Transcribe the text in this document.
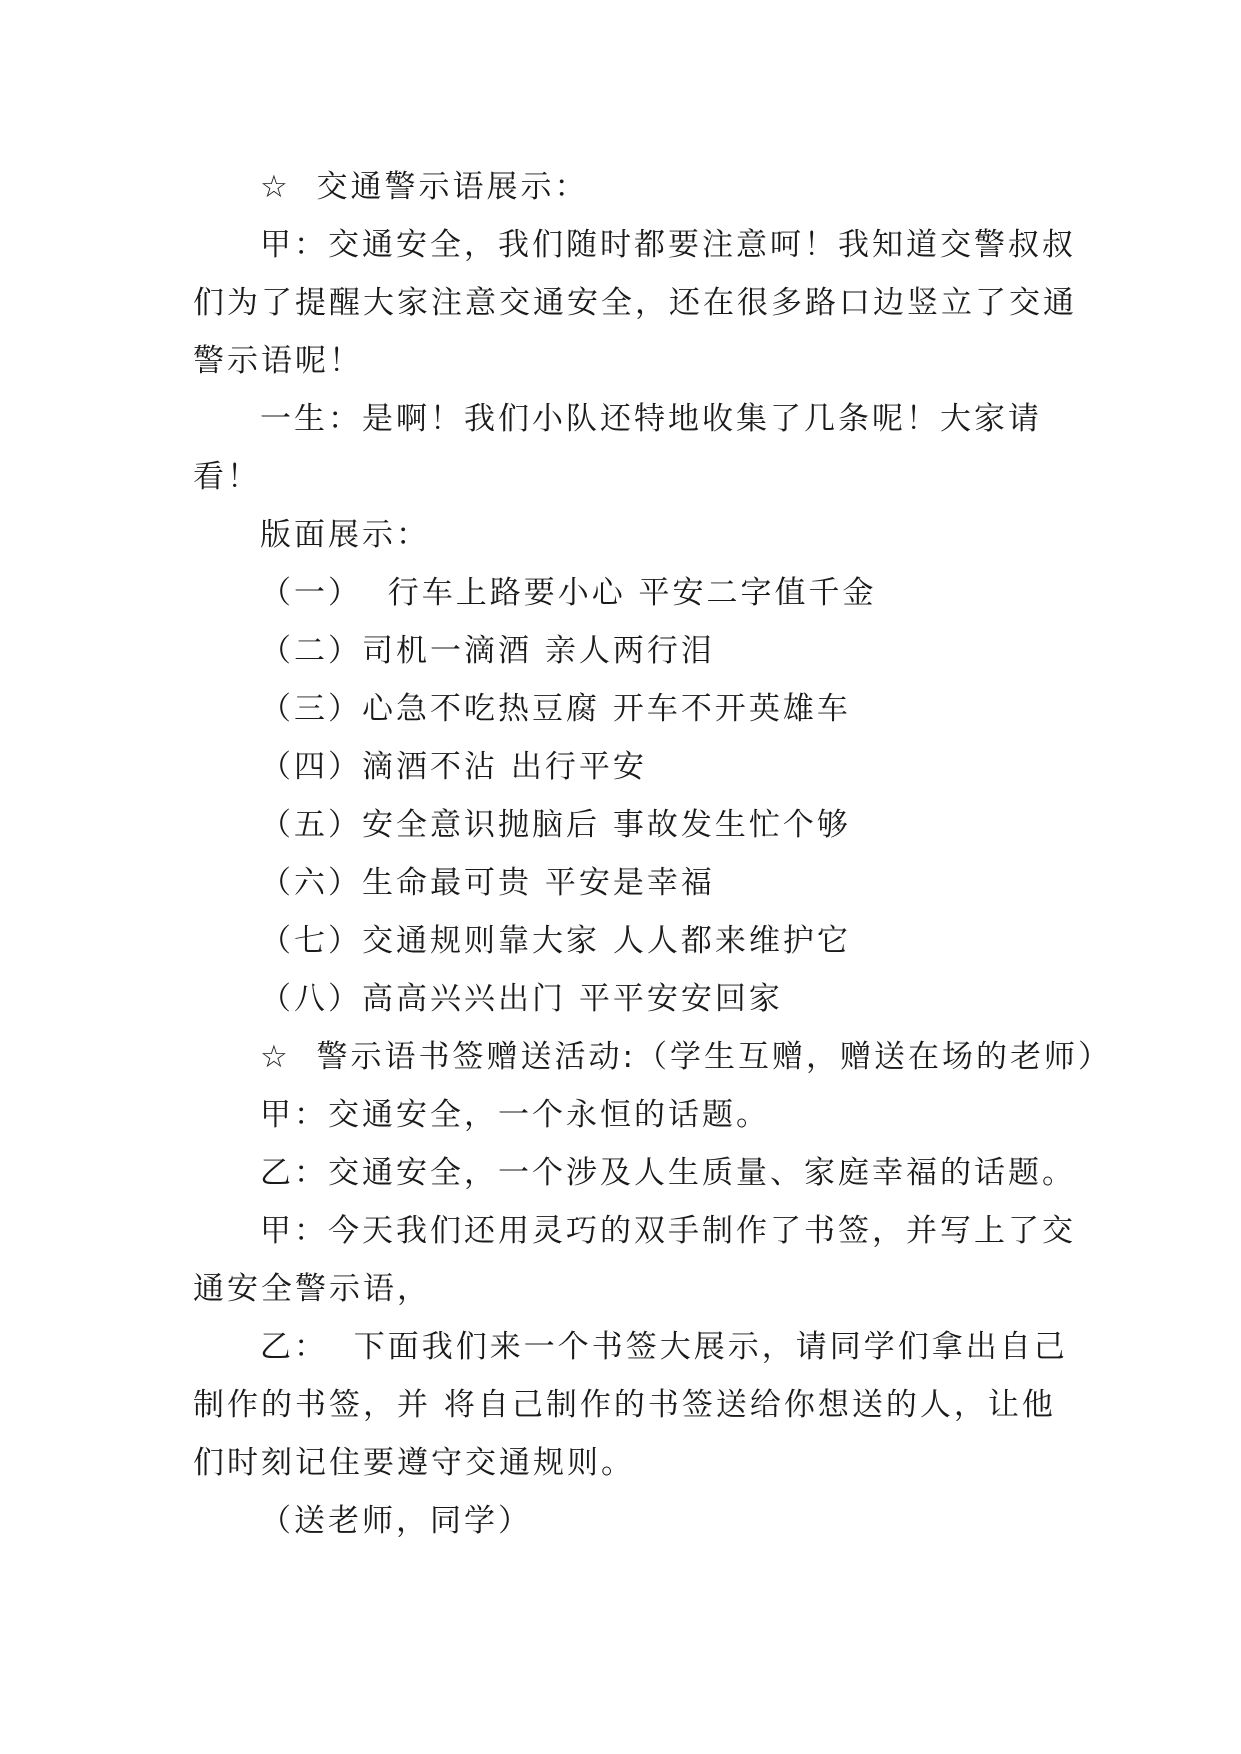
☆  交通警示语展示：
甲：交通安全，我们随时都要注意呵！我知道交警叔叔
们为了提醒大家注意交通安全，还在很多路口边竖立了交通
警示语呢！
一生：是啊！我们小队还特地收集了几条呢！大家请
看！
版面展示：
（一）  行车上路要小心 平安二字值千金
（二）司机一滴酒 亲人两行泪
（三）心急不吃热豆腐 开车不开英雄车
（四）滴酒不沾 出行平安
（五）安全意识抛脑后 事故发生忙个够
（六）生命最可贵 平安是幸福
（七）交通规则靠大家 人人都来维护它
（八）高高兴兴出门 平平安安回家
☆  警示语书签赠送活动:（学生互赠，赠送在场的老师）
甲：交通安全，一个永恒的话题。
乙：交通安全，一个涉及人生质量、家庭幸福的话题。
甲：今天我们还用灵巧的双手制作了书签，并写上了交
通安全警示语，
乙：  下面我们来一个书签大展示，请同学们拿出自己
制作的书签，并 将自己制作的书签送给你想送的人，让他
们时刻记住要遵守交通规则。
（送老师，同学）
